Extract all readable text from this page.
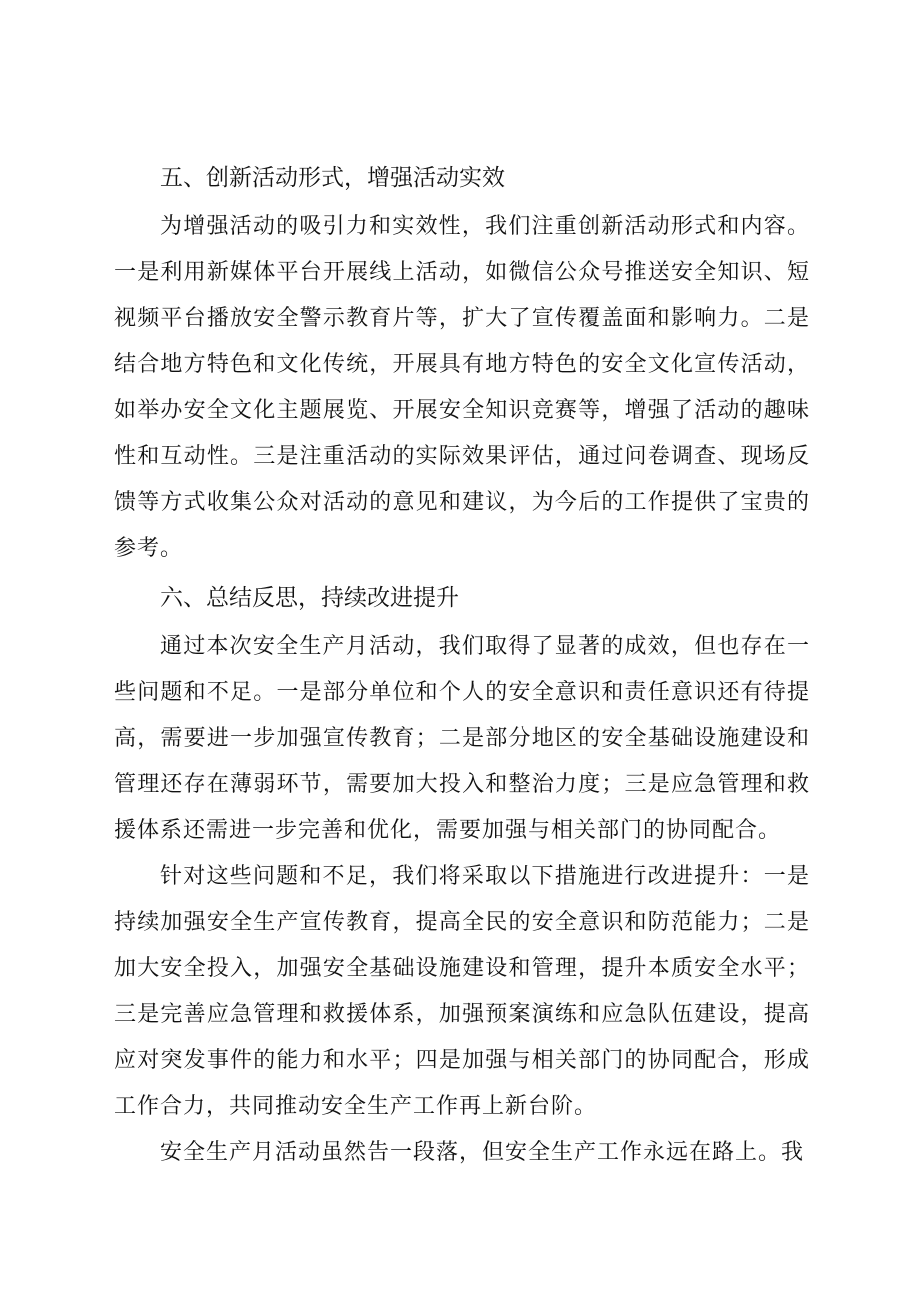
五、创新活动形式，增强活动实效

为增强活动的吸引力和实效性，我们注重创新活动形式和内容。一是利用新媒体平台开展线上活动，如微信公众号推送安全知识、短视频平台播放安全警示教育片等，扩大了宣传覆盖面和影响力。二是结合地方特色和文化传统，开展具有地方特色的安全文化宣传活动，如举办安全文化主题展览、开展安全知识竞赛等，增强了活动的趣味性和互动性。三是注重活动的实际效果评估，通过问卷调查、现场反馈等方式收集公众对活动的意见和建议，为今后的工作提供了宝贵的参考。

六、总结反思，持续改进提升

通过本次安全生产月活动，我们取得了显著的成效，但也存在一些问题和不足。一是部分单位和个人的安全意识和责任意识还有待提高，需要进一步加强宣传教育；二是部分地区的安全基础设施建设和管理还存在薄弱环节，需要加大投入和整治力度；三是应急管理和救援体系还需进一步完善和优化，需要加强与相关部门的协同配合。

针对这些问题和不足，我们将采取以下措施进行改进提升：一是持续加强安全生产宣传教育，提高全民的安全意识和防范能力；二是加大安全投入，加强安全基础设施建设和管理，提升本质安全水平；三是完善应急管理和救援体系，加强预案演练和应急队伍建设，提高应对突发事件的能力和水平；四是加强与相关部门的协同配合，形成工作合力，共同推动安全生产工作再上新台阶。

安全生产月活动虽然告一段落，但安全生产工作永远在路上。我
